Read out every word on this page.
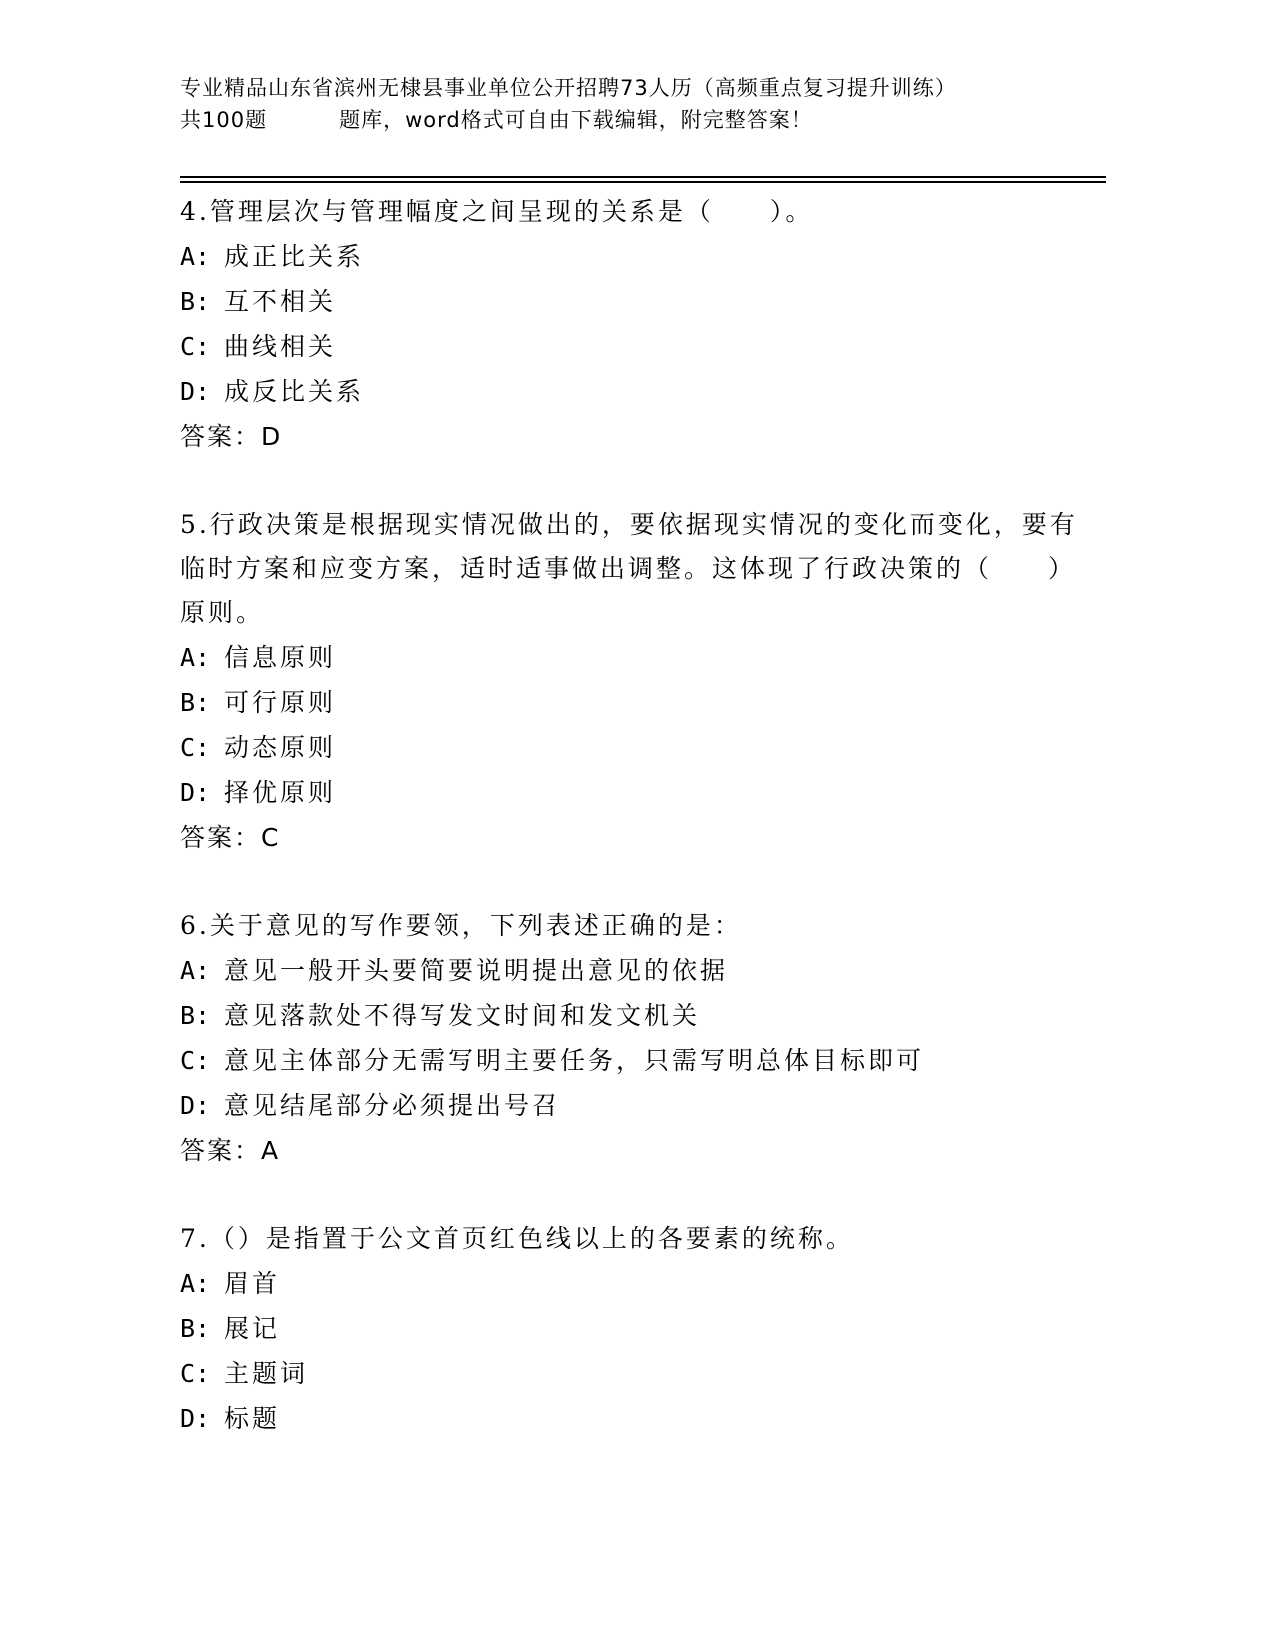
专业精品山东省滨州无棣县事业单位公开招聘73人历（高频重点复习提升训练）
共100题	题库，word格式可自由下载编辑，附完整答案！
4.管理层次与管理幅度之间呈现的关系是（　　）。
A: 成正比关系
B: 互不相关
C: 曲线相关
D: 成反比关系
答案：D
5.行政决策是根据现实情况做出的，要依据现实情况的变化而变化，要有临时方案和应变方案，适时适事做出调整。这体现了行政决策的（　　）原则。
A: 信息原则
B: 可行原则
C: 动态原则
D: 择优原则
答案：C
6.关于意见的写作要领，下列表述正确的是：
A: 意见一般开头要简要说明提出意见的依据
B: 意见落款处不得写发文时间和发文机关
C: 意见主体部分无需写明主要任务，只需写明总体目标即可
D: 意见结尾部分必须提出号召
答案：A
7.（）是指置于公文首页红色线以上的各要素的统称。
A: 眉首
B: 展记
C: 主题词
D: 标题
